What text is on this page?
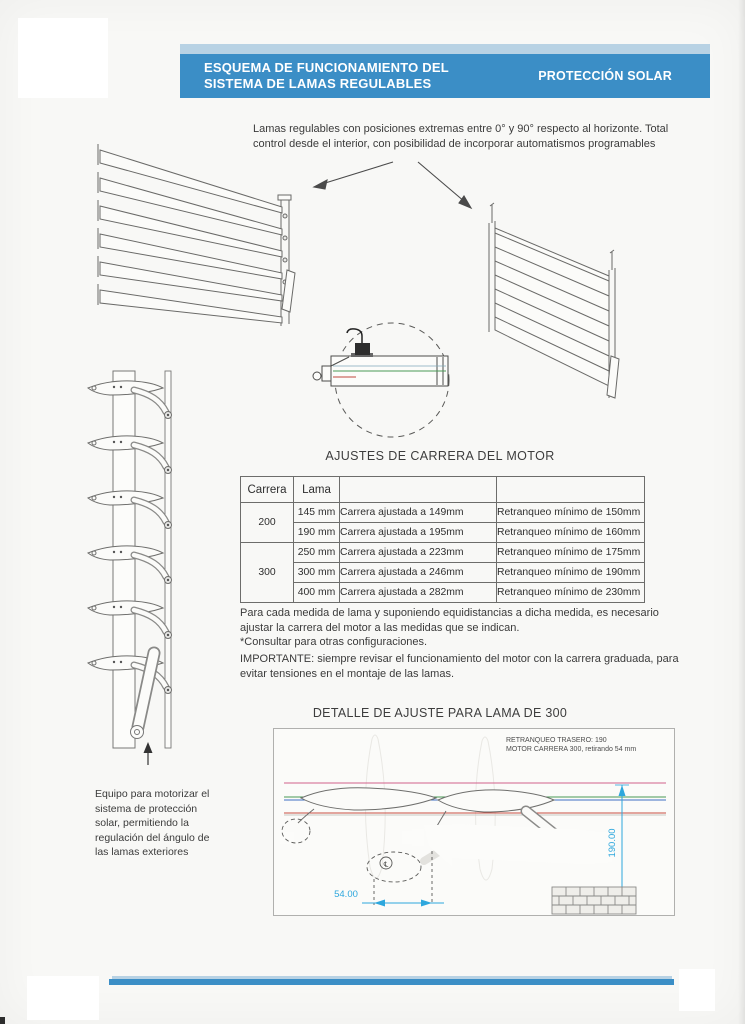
ESQUEMA DE FUNCIONAMIENTO DEL
SISTEMA DE LAMAS REGULABLES	PROTECCIÓN SOLAR
Lamas regulables con posiciones extremas entre 0° y 90° respecto al horizonte. Total
control desde el interior, con posibilidad de incorporar automatismos programables
Equipo para motorizar el
sistema de protección
solar, permitiendo la
regulación del ángulo de
las lamas exteriores
AJUSTES DE CARRERA DEL MOTOR
Carrera	Lama		
200	145 mm	Carrera ajustada a 149mm	Retranqueo mínimo de 150mm
	190 mm	Carrera ajustada a 195mm	Retranqueo mínimo de 160mm
300	250 mm	Carrera ajustada a 223mm	Retranqueo mínimo de 175mm
	300 mm	Carrera ajustada a 246mm	Retranqueo mínimo de 190mm
	400 mm	Carrera ajustada a 282mm	Retranqueo mínimo de 230mm
Para cada medida de lama y suponiendo equidistancias a dicha medida, es necesario
ajustar la carrera del motor a las medidas que se indican.
*Consultar para otras configuraciones.
IMPORTANTE: siempre revisar el funcionamiento del motor con la carrera graduada, para
evitar tensiones en el montaje de las lamas.
DETALLE DE AJUSTE PARA LAMA DE 300
RETRANQUEO TRASERO: 190
MOTOR CARRERA 300, retirando 54 mm
℄
54.00
190.00
